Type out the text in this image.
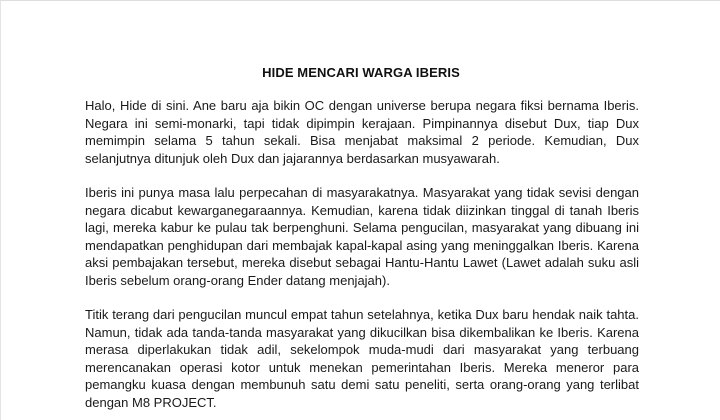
HIDE MENCARI WARGA IBERIS

Halo, Hide di sini. Ane baru aja bikin OC dengan universe berupa negara fiksi bernama Iberis. Negara ini semi-monarki, tapi tidak dipimpin kerajaan. Pimpinannya disebut Dux, tiap Dux memimpin selama 5 tahun sekali. Bisa menjabat maksimal 2 periode. Kemudian, Dux selanjutnya ditunjuk oleh Dux dan jajarannya berdasarkan musyawarah.

Iberis ini punya masa lalu perpecahan di masyarakatnya. Masyarakat yang tidak sevisi dengan negara dicabut kewarganegaraannya. Kemudian, karena tidak diizinkan tinggal di tanah Iberis lagi, mereka kabur ke pulau tak berpenghuni. Selama pengucilan, masyarakat yang dibuang ini mendapatkan penghidupan dari membajak kapal-kapal asing yang meninggalkan Iberis. Karena aksi pembajakan tersebut, mereka disebut sebagai Hantu-Hantu Lawet (Lawet adalah suku asli Iberis sebelum orang-orang Ender datang menjajah).

Titik terang dari pengucilan muncul empat tahun setelahnya, ketika Dux baru hendak naik tahta. Namun, tidak ada tanda-tanda masyarakat yang dikucilkan bisa dikembalikan ke Iberis. Karena merasa diperlakukan tidak adil, sekelompok muda-mudi dari masyarakat yang terbuang merencanakan operasi kotor untuk menekan pemerintahan Iberis. Mereka meneror para pemangku kuasa dengan membunuh satu demi satu peneliti, serta orang-orang yang terlibat dengan M8 PROJECT.
